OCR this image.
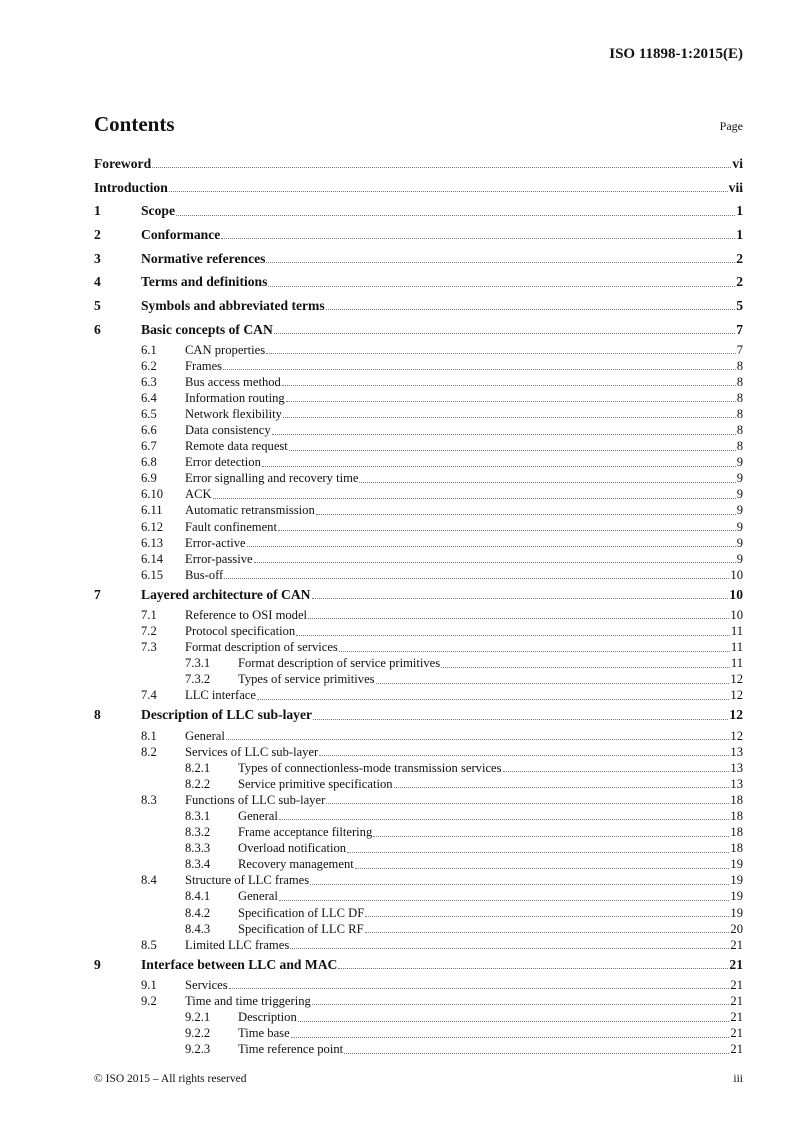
ISO 11898-1:2015(E)
Contents	Page
Foreword	vi
Introduction	vii
1	Scope	1
2	Conformance	1
3	Normative references	2
4	Terms and definitions	2
5	Symbols and abbreviated terms	5
6	Basic concepts of CAN	7
6.1	CAN properties	7
6.2	Frames	8
6.3	Bus access method	8
6.4	Information routing	8
6.5	Network flexibility	8
6.6	Data consistency	8
6.7	Remote data request	8
6.8	Error detection	9
6.9	Error signalling and recovery time	9
6.10	ACK	9
6.11	Automatic retransmission	9
6.12	Fault confinement	9
6.13	Error-active	9
6.14	Error-passive	9
6.15	Bus-off	10
7	Layered architecture of CAN	10
7.1	Reference to OSI model	10
7.2	Protocol specification	11
7.3	Format description of services	11
7.3.1	Format description of service primitives	11
7.3.2	Types of service primitives	12
7.4	LLC interface	12
8	Description of LLC sub-layer	12
8.1	General	12
8.2	Services of LLC sub-layer	13
8.2.1	Types of connectionless-mode transmission services	13
8.2.2	Service primitive specification	13
8.3	Functions of LLC sub-layer	18
8.3.1	General	18
8.3.2	Frame acceptance filtering	18
8.3.3	Overload notification	18
8.3.4	Recovery management	19
8.4	Structure of LLC frames	19
8.4.1	General	19
8.4.2	Specification of LLC DF	19
8.4.3	Specification of LLC RF	20
8.5	Limited LLC frames	21
9	Interface between LLC and MAC	21
9.1	Services	21
9.2	Time and time triggering	21
9.2.1	Description	21
9.2.2	Time base	21
9.2.3	Time reference point	21
© ISO 2015 – All rights reserved	iii
